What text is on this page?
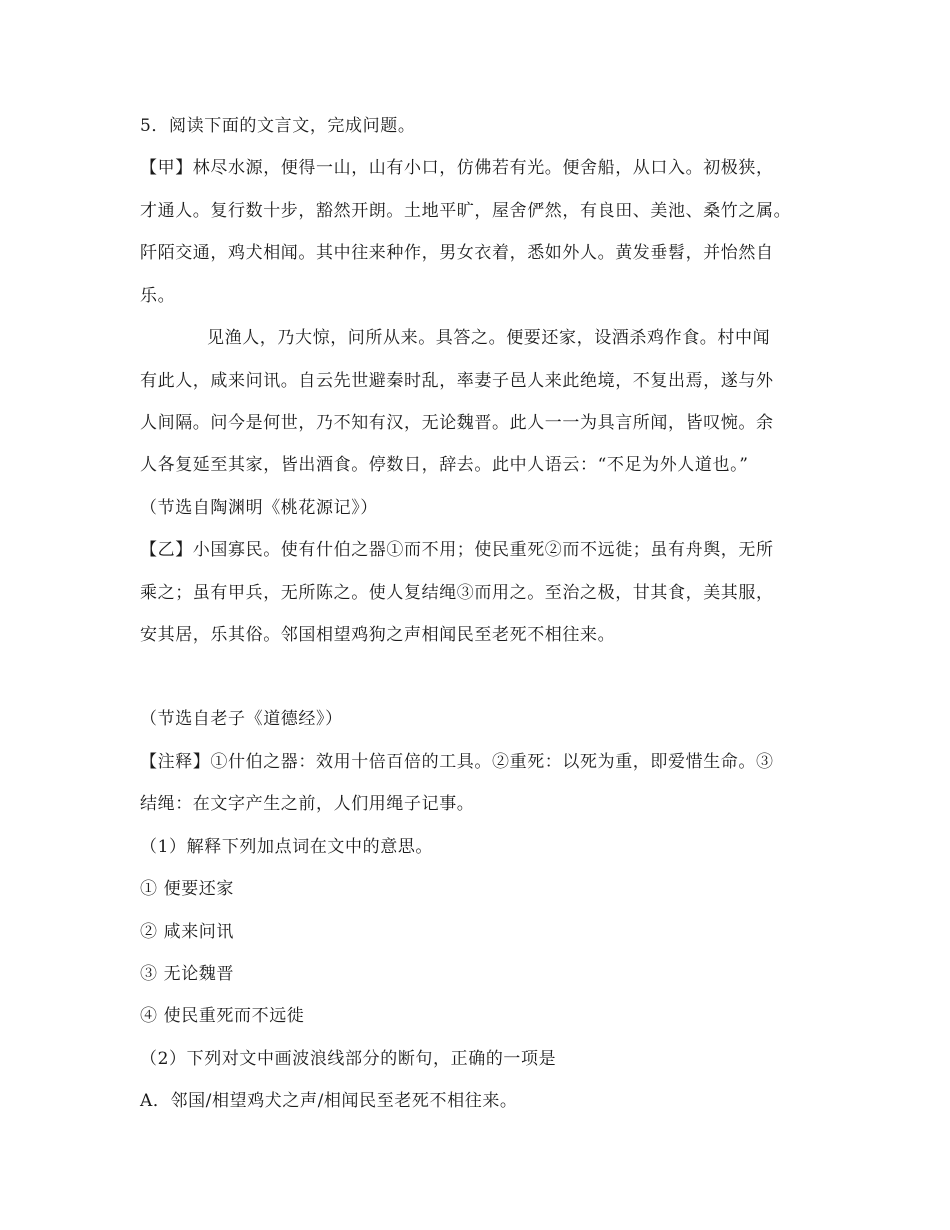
5．阅读下面的文言文，完成问题。
【甲】林尽水源，便得一山，山有小口，仿佛若有光。便舍船，从口入。初极狭，
才通人。复行数十步，豁然开朗。土地平旷，屋舍俨然，有良田、美池、桑竹之属。
阡陌交通，鸡犬相闻。其中往来种作，男女衣着，悉如外人。黄发垂髫，并怡然自
乐。
见渔人，乃大惊，问所从来。具答之。便要还家，设酒杀鸡作食。村中闻
有此人，咸来问讯。自云先世避秦时乱，率妻子邑人来此绝境，不复出焉，遂与外
人间隔。问今是何世，乃不知有汉，无论魏晋。此人一一为具言所闻，皆叹惋。余
人各复延至其家，皆出酒食。停数日，辞去。此中人语云：“不足为外人道也。”
（节选自陶渊明《桃花源记》）
【乙】小国寡民。使有什伯之器①而不用；使民重死②而不远徙；虽有舟舆，无所
乘之；虽有甲兵，无所陈之。使人复结绳③而用之。至治之极，甘其食，美其服，
安其居，乐其俗。邻国相望鸡狗之声相闻民至老死不相往来。
（节选自老子《道德经》）
【注释】①什伯之器：效用十倍百倍的工具。②重死：以死为重，即爱惜生命。③
结绳：在文字产生之前，人们用绳子记事。
（1）解释下列加点词在文中的意思。
① 便要还家
② 咸来问讯
③ 无论魏晋
④ 使民重死而不远徙
（2）下列对文中画波浪线部分的断句，正确的一项是
A．邻国/相望鸡犬之声/相闻民至老死不相往来。
